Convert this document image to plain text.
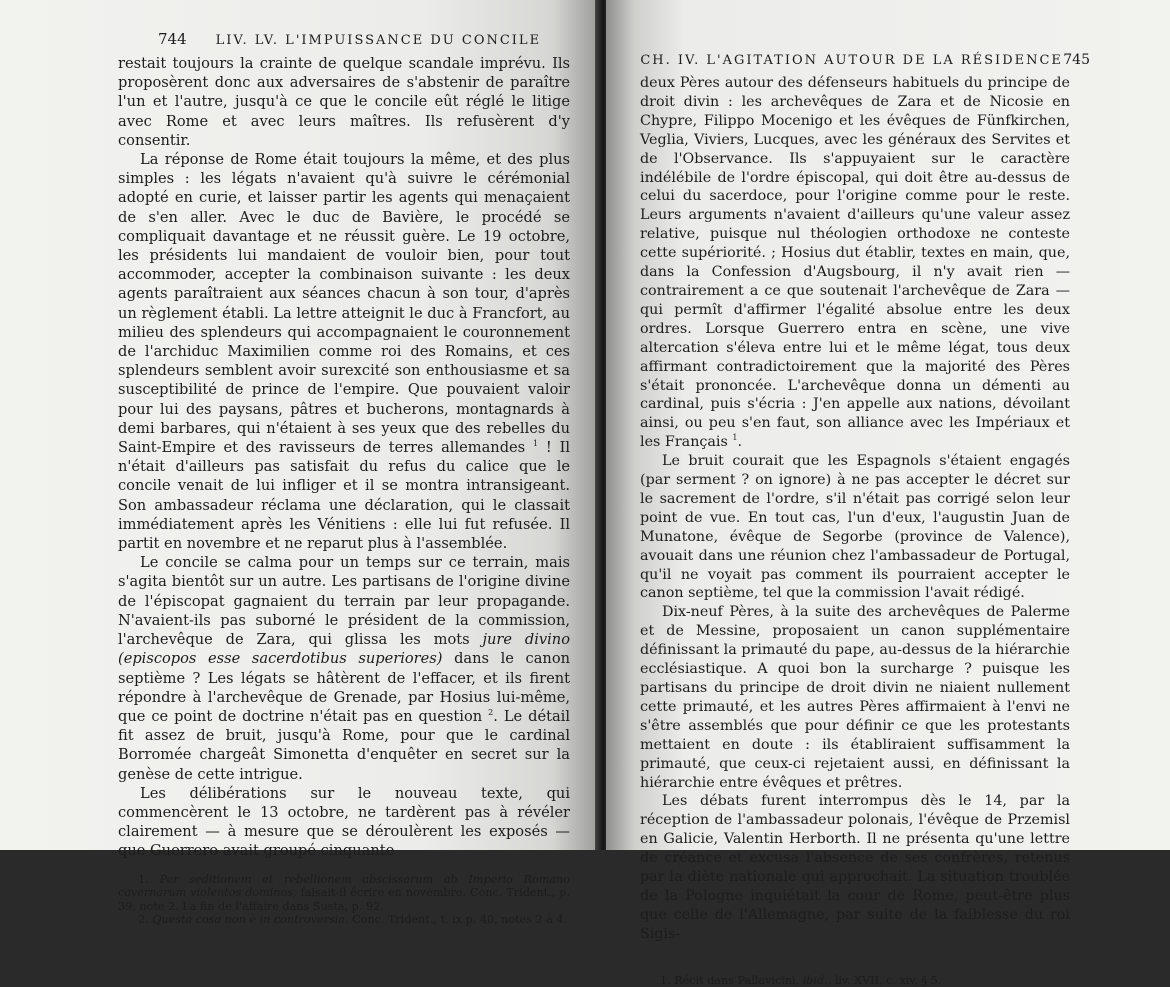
744 LIV. LV. L'IMPUISSANCE DU CONCILE

restait toujours la crainte de quelque scandale imprévu. Ils proposèrent donc aux adversaires de s'abstenir de paraître l'un et l'autre, jusqu'à ce que le concile eût réglé le litige avec Rome et avec leurs maîtres. Ils refusèrent d'y consentir.

La réponse de Rome était toujours la même, et des plus simples : les légats n'avaient qu'à suivre le cérémonial adopté en curie, et laisser partir les agents qui menaçaient de s'en aller. Avec le duc de Bavière, le procédé se compliquait davantage et ne réussit guère. Le 19 octobre, les présidents lui mandaient de vouloir bien, pour tout accommoder, accepter la combinaison suivante : les deux agents paraîtraient aux séances chacun à son tour, d'après un règlement établi. La lettre atteignit le duc à Francfort, au milieu des splendeurs qui accompagnaient le couronnement de l'archiduc Maximilien comme roi des Romains, et ces splendeurs semblent avoir surexcité son enthousiasme et sa susceptibilité de prince de l'empire. Que pouvaient valoir pour lui des paysans, pâtres et bucherons, montagnards à demi barbares, qui n'étaient à ses yeux que des rebelles du Saint-Empire et des ravisseurs de terres allemandes $^1$ ! Il n'était d'ailleurs pas satisfait du refus du calice que le concile venait de lui infliger et il se montra intransigeant. Son ambassadeur réclama une déclaration, qui le classait immédiatement après les Vénitiens : elle lui fut refusée. Il partit en novembre et ne reparut plus à l'assemblée.

Le concile se calma pour un temps sur ce terrain, mais s'agita bientôt sur un autre. Les partisans de l'origine divine de l'épiscopat gagnaient du terrain par leur propagande. N'avaient-ils pas suborné le président de la commission, l'archevêque de Zara, qui glissa les mots jure divino (episcopos esse sacerdotibus superiores) dans le canon septième ? Les légats se hâtèrent de l'effacer, et ils firent répondre à l'archevêque de Grenade, par Hosius lui-même, que ce point de doctrine n'était pas en question $^2$. Le détail fit assez de bruit, jusqu'à Rome, pour que le cardinal Borromée chargeât Simonetta d'enquêter en secret sur la genèse de cette intrigue.

Les délibérations sur le nouveau texte, qui commencèrent le 13 octobre, ne tardèrent pas à révéler clairement — à mesure que se déroulèrent les exposés — que Guerrero avait groupé cinquante

1. Per seditionem et rebellionem abscissarum ab Imperio Romano cavernarum violentos dominos, faisait-il écrire en novembre. Conc. Trident., p. 39, note 2. La fin de l'affaire dans Susta, p. 92.

2. Questa cosa non è in controversia. Conc. Trident., t. ix p. 40, notes 2 à 4.

CH. IV. L'AGITATION AUTOUR DE LA RÉSIDENCE 745

deux Pères autour des défenseurs habituels du principe de droit divin : les archevêques de Zara et de Nicosie en Chypre, Filippo Mocenigo et les évêques de Fünfkirchen, Veglia, Viviers, Lucques, avec les généraux des Servites et de l'Observance. Ils s'appuyaient sur le caractère indélébile de l'ordre épiscopal, qui doit être au-dessus de celui du sacerdoce, pour l'origine comme pour le reste. Leurs arguments n'avaient d'ailleurs qu'une valeur assez relative, puisque nul théologien orthodoxe ne conteste cette supériorité. ; Hosius dut établir, textes en main, que, dans la Confession d'Augsbourg, il n'y avait rien — contrairement a ce que soutenait l'archevêque de Zara — qui permît d'affirmer l'égalité absolue entre les deux ordres. Lorsque Guerrero entra en scène, une vive altercation s'éleva entre lui et le même légat, tous deux affirmant contradictoirement que la majorité des Pères s'était prononcée. L'archevêque donna un démenti au cardinal, puis s'écria : J'en appelle aux nations, dévoilant ainsi, ou peu s'en faut, son alliance avec les Impériaux et les Français $^1$.

Le bruit courait que les Espagnols s'étaient engagés (par serment ? on ignore) à ne pas accepter le décret sur le sacrement de l'ordre, s'il n'était pas corrigé selon leur point de vue. En tout cas, l'un d'eux, l'augustin Juan de Munatone, évêque de Segorbe (province de Valence), avouait dans une réunion chez l'ambassadeur de Portugal, qu'il ne voyait pas comment ils pourraient accepter le canon septième, tel que la commission l'avait rédigé.

Dix-neuf Pères, à la suite des archevêques de Palerme et de Messine, proposaient un canon supplémentaire définissant la primauté du pape, au-dessus de la hiérarchie ecclésiastique. A quoi bon la surcharge ? puisque les partisans du principe de droit divin ne niaient nullement cette primauté, et les autres Pères affirmaient à l'envi ne s'être assemblés que pour définir ce que les protestants mettaient en doute : ils établiraient suffisamment la primauté, que ceux-ci rejetaient aussi, en définissant la hiérarchie entre évêques et prêtres.

Les débats furent interrompus dès le 14, par la réception de l'ambassadeur polonais, l'évêque de Przemisl en Galicie, Valentin Herborth. Il ne présenta qu'une lettre de créance et excusa l'absence de ses confrères, retenus par la diète nationale qui approchait. La situation troublée de la Pologne inquiétait la cour de Rome, peut-être plus que celle de l'Allemagne, par suite de la faiblesse du roi Sigis-

1. Récit dans Pallavicini, ibid., liv. XVII, c. xiv, § 5.
